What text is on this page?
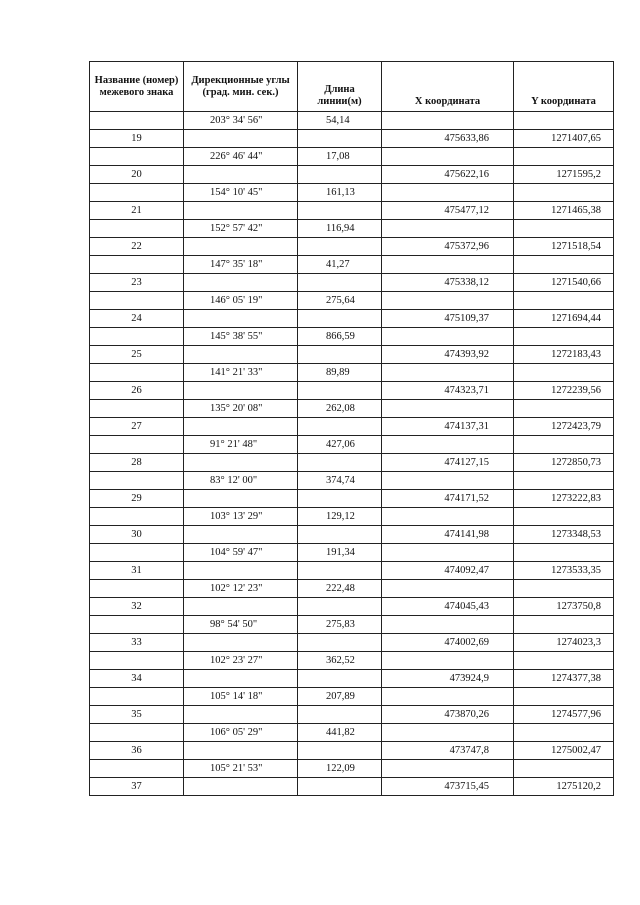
Название (номер) межевого знака	Дирекционные углы (град. мин. сек.)	Длина линии(м)	X координата	Y координата
	203° 34' 56"	54,14		
19			475633,86	1271407,65
	226° 46' 44"	17,08		
20			475622,16	1271595,2
	154° 10' 45"	161,13		
21			475477,12	1271465,38
	152° 57' 42"	116,94		
22			475372,96	1271518,54
	147° 35' 18"	41,27		
23			475338,12	1271540,66
	146° 05' 19"	275,64		
24			475109,37	1271694,44
	145° 38' 55"	866,59		
25			474393,92	1272183,43
	141° 21' 33"	89,89		
26			474323,71	1272239,56
	135° 20' 08"	262,08		
27			474137,31	1272423,79
	91° 21' 48"	427,06		
28			474127,15	1272850,73
	83° 12' 00"	374,74		
29			474171,52	1273222,83
	103° 13' 29"	129,12		
30			474141,98	1273348,53
	104° 59' 47"	191,34		
31			474092,47	1273533,35
	102° 12' 23"	222,48		
32			474045,43	1273750,8
	98° 54' 50"	275,83		
33			474002,69	1274023,3
	102° 23' 27"	362,52		
34			473924,9	1274377,38
	105° 14' 18"	207,89		
35			473870,26	1274577,96
	106° 05' 29"	441,82		
36			473747,8	1275002,47
	105° 21' 53"	122,09		
37			473715,45	1275120,2
